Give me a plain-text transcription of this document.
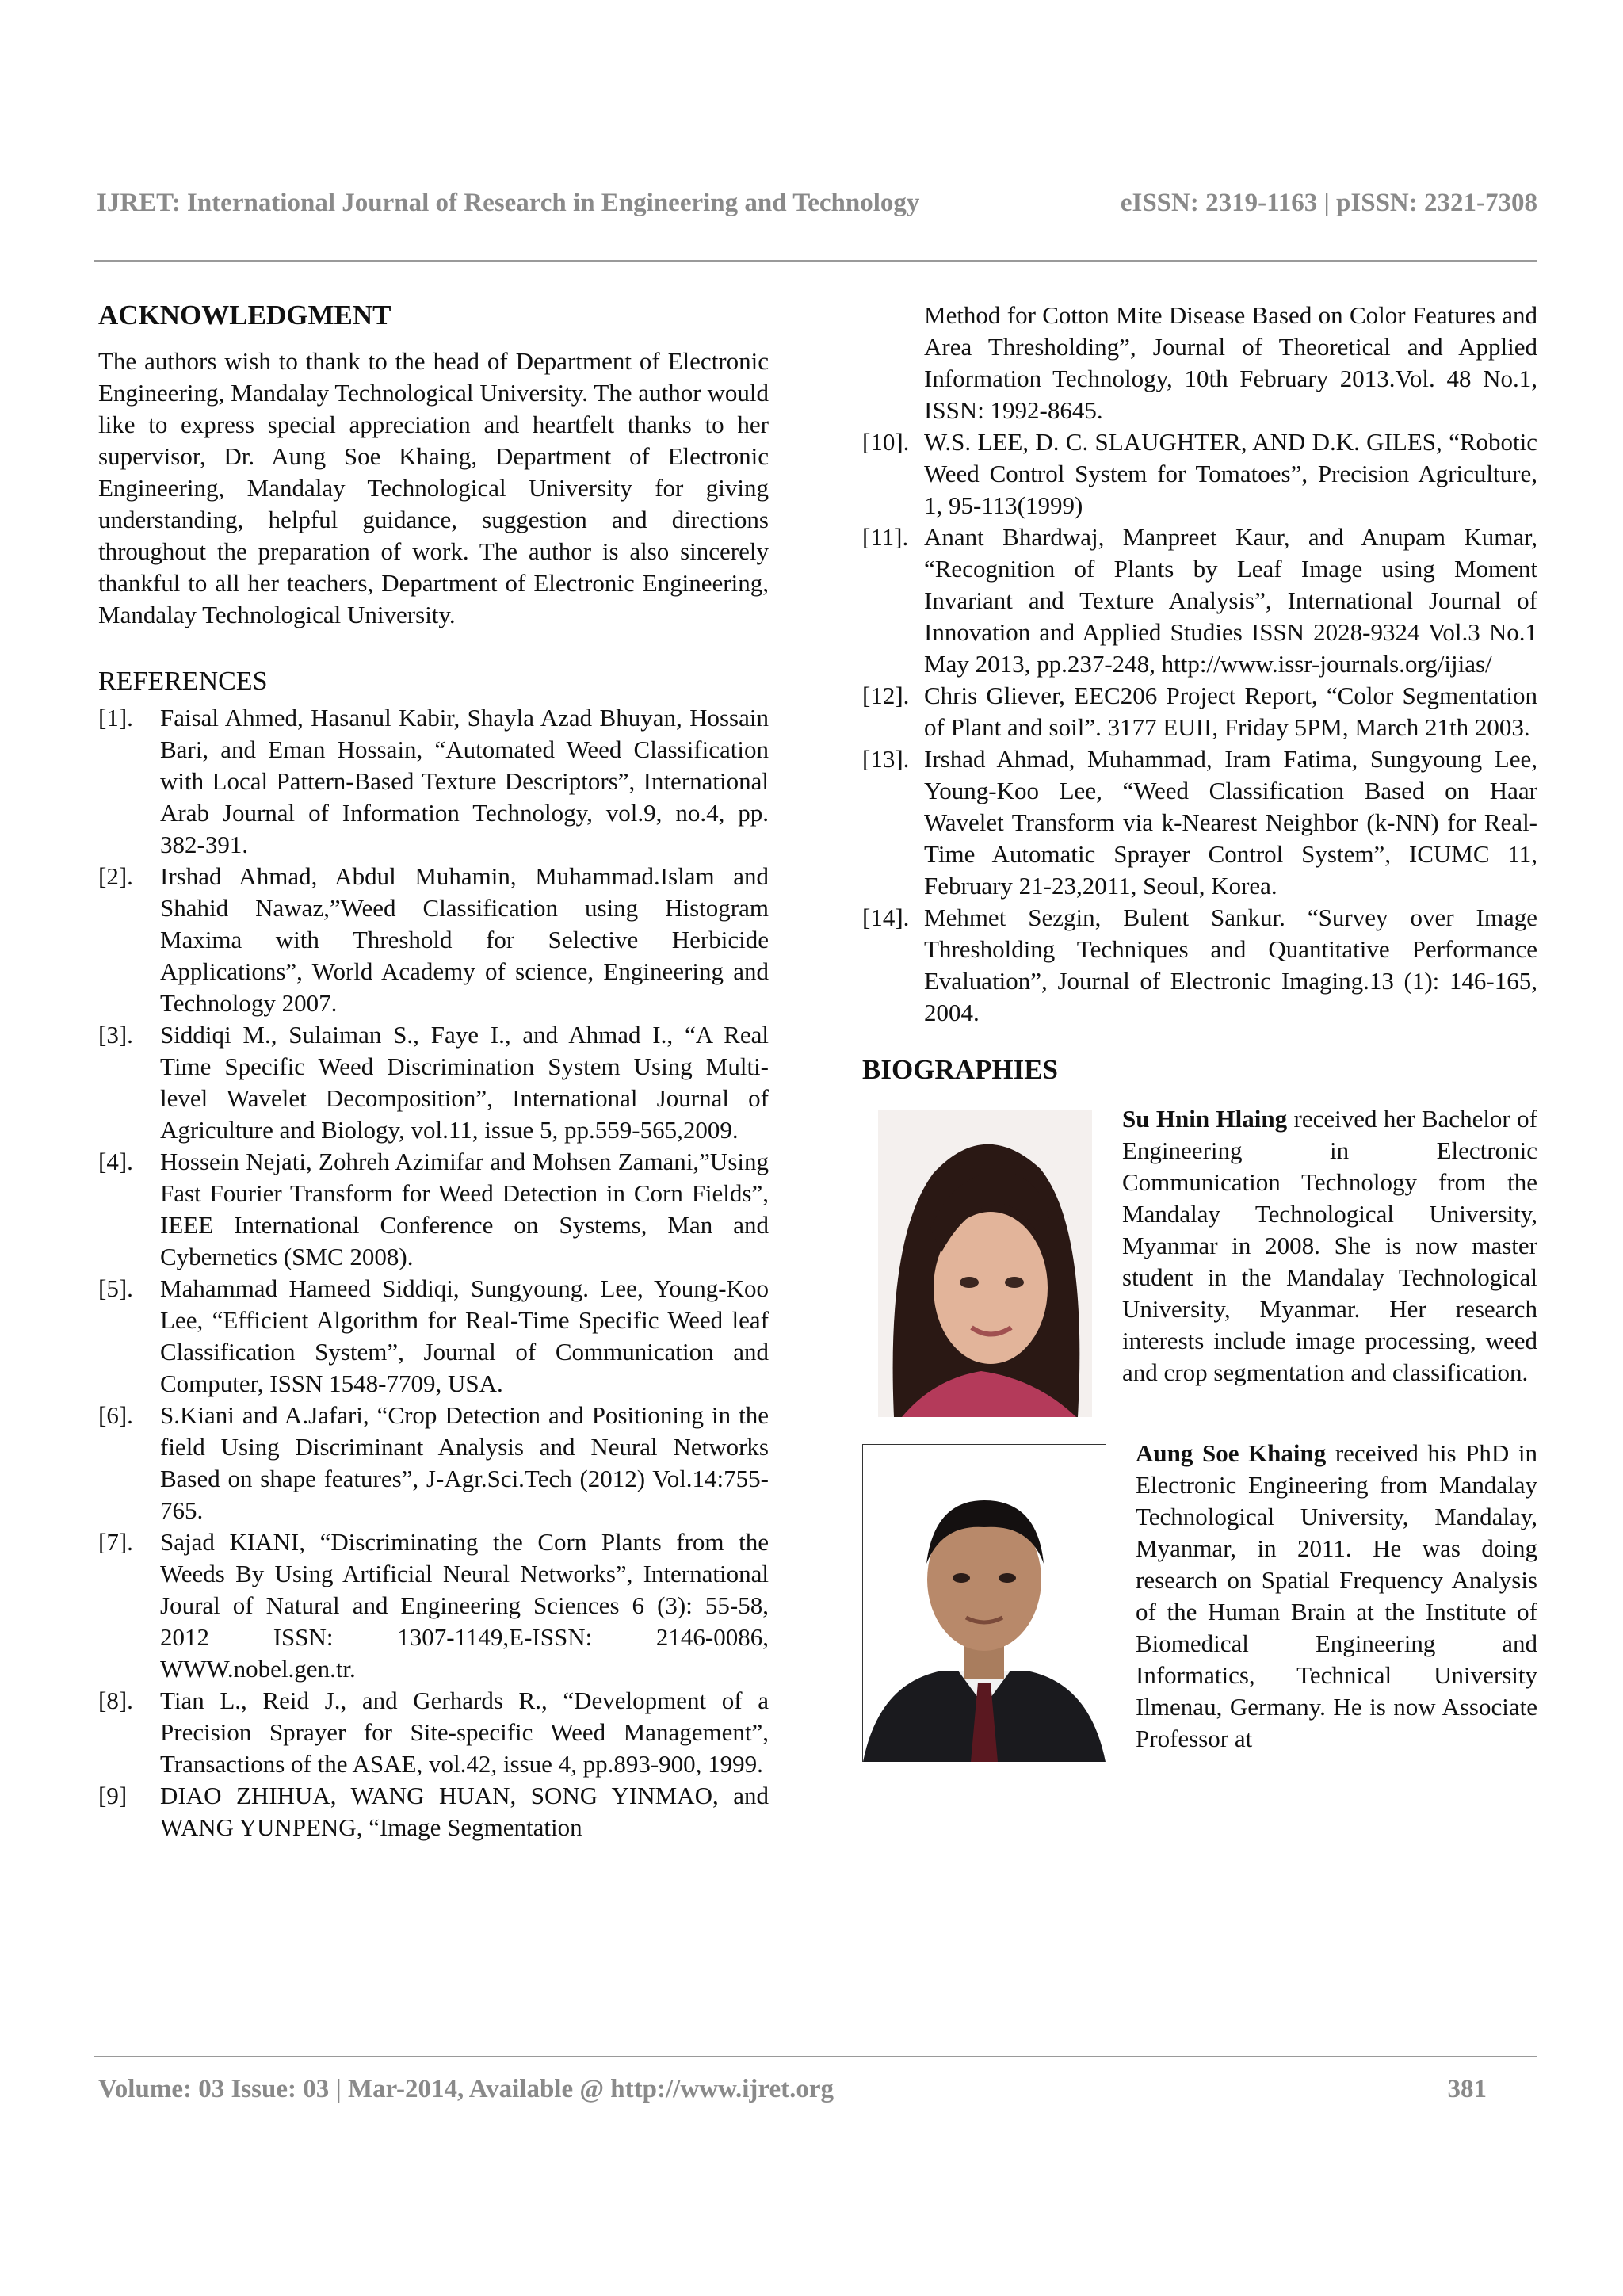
IJRET: International Journal of Research in Engineering and Technology	eISSN: 2319-1163 | pISSN: 2321-7308
ACKNOWLEDGMENT

The authors wish to thank to the head of Department of Electronic Engineering, Mandalay Technological University. The author would like to express special appreciation and heartfelt thanks to her supervisor, Dr. Aung Soe Khaing, Department of Electronic Engineering, Mandalay Technological University for giving understanding, helpful guidance, suggestion and directions throughout the preparation of work. The author is also sincerely thankful to all her teachers, Department of Electronic Engineering, Mandalay Technological University.

REFERENCES
[1].	Faisal Ahmed, Hasanul Kabir, Shayla Azad Bhuyan, Hossain Bari, and Eman Hossain, “Automated Weed Classification with Local Pattern-Based Texture Descriptors”, International Arab Journal of Information Technology, vol.9, no.4, pp. 382-391.
[2].	Irshad Ahmad, Abdul Muhamin, Muhammad.Islam and Shahid Nawaz,”Weed Classification using Histogram Maxima with Threshold for Selective Herbicide Applications”, World Academy of science, Engineering and Technology 2007.
[3].	Siddiqi M., Sulaiman S., Faye I., and Ahmad I., “A Real Time Specific Weed Discrimination System Using Multi-level Wavelet Decomposition”, International Journal of Agriculture and Biology, vol.11, issue 5, pp.559-565,2009.
[4].	Hossein Nejati, Zohreh Azimifar and Mohsen Zamani,”Using Fast Fourier Transform for Weed Detection in Corn Fields”, IEEE International Conference on Systems, Man and Cybernetics (SMC 2008).
[5].	Mahammad Hameed Siddiqi, Sungyoung. Lee, Young-Koo Lee, “Efficient Algorithm for Real-Time Specific Weed leaf Classification System”, Journal of Communication and Computer, ISSN 1548-7709, USA.
[6].	S.Kiani and A.Jafari, “Crop Detection and Positioning in the field Using Discriminant Analysis and Neural Networks Based on shape features”, J-Agr.Sci.Tech (2012) Vol.14:755-765.
[7].	Sajad KIANI, “Discriminating the Corn Plants from the Weeds By Using Artificial Neural Networks”, International Joural of Natural and Engineering Sciences 6 (3): 55-58, 2012 ISSN: 1307-1149,E-ISSN: 2146-0086, WWW.nobel.gen.tr.
[8].	Tian L., Reid J., and Gerhards R., “Development of a Precision Sprayer for Site-specific Weed Management”, Transactions of the ASAE, vol.42, issue 4, pp.893-900, 1999.
[9]	DIAO ZHIHUA, WANG HUAN, SONG YINMAO, and WANG YUNPENG, “Image Segmentation
Method for Cotton Mite Disease Based on Color Features and Area Thresholding”, Journal of Theoretical and Applied Information Technology, 10th February 2013.Vol. 48 No.1, ISSN: 1992-8645.
[10]. W.S. LEE, D. C. SLAUGHTER, AND D.K. GILES, “Robotic Weed Control System for Tomatoes”, Precision Agriculture, 1, 95-113(1999)
[11]. Anant Bhardwaj, Manpreet Kaur, and Anupam Kumar, “Recognition of Plants by Leaf Image using Moment Invariant and Texture Analysis”, International Journal of Innovation and Applied Studies ISSN 2028-9324 Vol.3 No.1 May 2013, pp.237-248, http://www.issr-journals.org/ijias/
[12]. Chris Gliever, EEC206 Project Report, “Color Segmentation of Plant and soil”. 3177 EUII, Friday 5PM, March 21th 2003.
[13]. Irshad Ahmad, Muhammad, Iram Fatima, Sungyoung Lee, Young-Koo Lee, “Weed Classification Based on Haar Wavelet Transform via k-Nearest Neighbor (k-NN) for Real-Time Automatic Sprayer Control System”, ICUMC 11, February 21-23,2011, Seoul, Korea.
[14]. Mehmet Sezgin, Bulent Sankur. “Survey over Image Thresholding Techniques and Quantitative Performance Evaluation”, Journal of Electronic Imaging.13 (1): 146-165, 2004.
BIOGRAPHIES
Su Hnin Hlaing received her Bachelor of Engineering in Electronic Communication Technology from the Mandalay Technological University, Myanmar in 2008. She is now master student in the Mandalay Technological University, Myanmar. Her research interests include image processing, weed and crop segmentation and classification.
Aung Soe Khaing received his PhD in Electronic Engineering from Mandalay Technological University, Mandalay, Myanmar, in 2011. He was doing research on Spatial Frequency Analysis of the Human Brain at the Institute of Biomedical Engineering and Informatics, Technical University Ilmenau, Germany. He is now Associate Professor at
Volume: 03 Issue: 03 | Mar-2014, Available @ http://www.ijret.org	381
